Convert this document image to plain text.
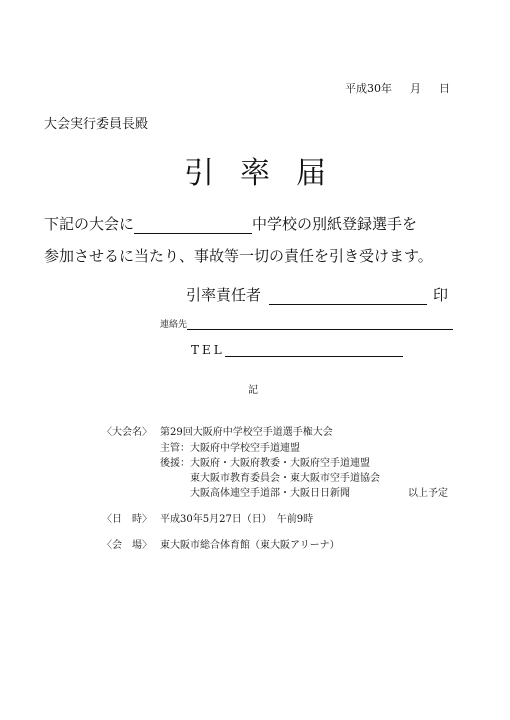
平成30年 月 日
大会実行委員長殿
引率届
下記の大会に	中学校の別紙登録選手を
参加させるに当たり、事故等一切の責任を引き受けます。
引率責任者	印
連絡先
TEL
記
〈大会名〉 第29回大阪府中学校空手道選手権大会
主管：大阪府中学校空手道連盟
後援：大阪府・大阪府教委・大阪府空手道連盟
東大阪市教育委員会・東大阪市空手道協会
大阪高体連空手道部・大阪日日新聞	以上予定
〈日　時〉 平成30年5月27日（日）　午前9時
〈会　場〉 東大阪市総合体育館（東大阪アリーナ）
